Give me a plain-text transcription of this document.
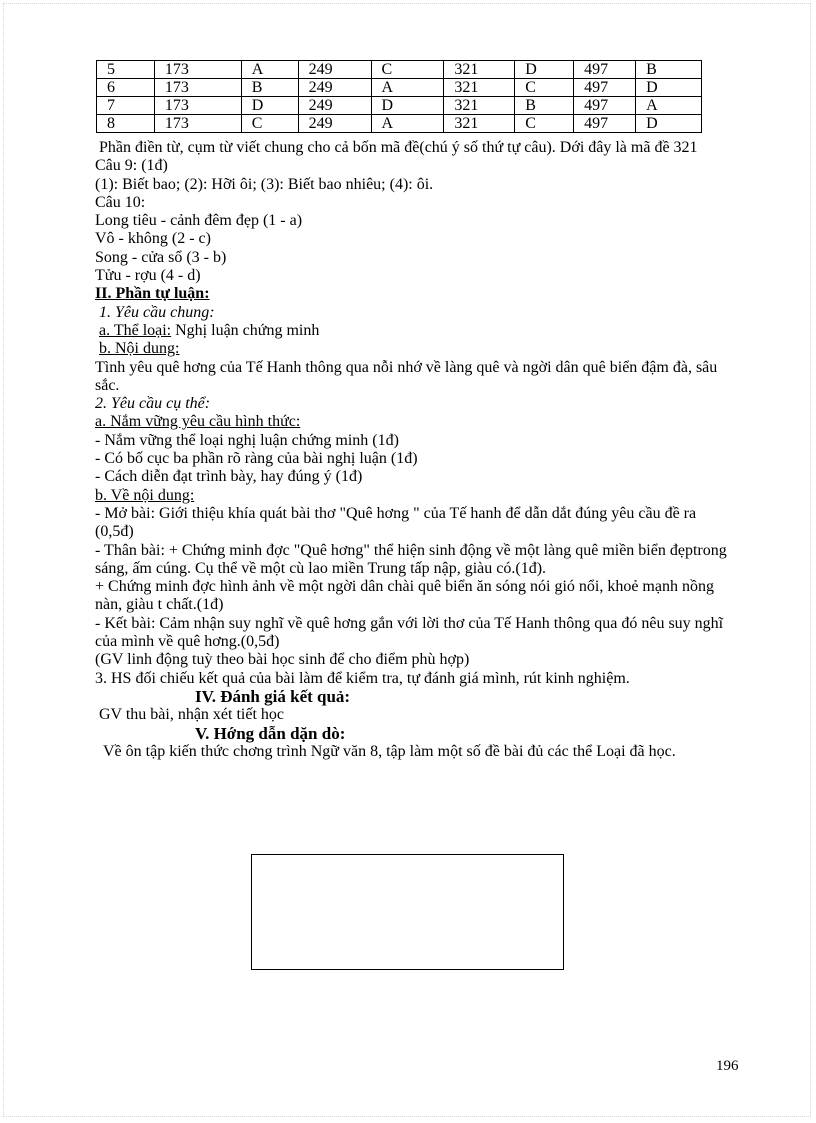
5	173	A	249	C	321	D	497	B
6	173	B	249	A	321	C	497	D
7	173	D	249	D	321	B	497	A
8	173	C	249	A	321	C	497	D

Phần điền từ, cụm từ viết chung cho cả bốn mã đề(chú ý số thứ tự câu). Dới đây là mã đề 321

Câu 9: (1đ)

(1): Biết bao; (2): Hỡi ôi; (3): Biết bao nhiêu; (4): ôi.

Câu 10:

Long tiêu - cảnh đêm đẹp (1 - a)

Vô - không (2 - c)

Song - cửa sổ (3 - b)

Tửu - rợu (4 - d)

II. Phần tự luận:

1. Yêu cầu chung:

a. Thể loại: Nghị luận chứng minh

b. Nội dung:

Tình yêu quê hơng của Tế Hanh thông qua nỗi nhớ về làng quê và ngời dân quê biển đậm đà, sâu sắc.

2. Yêu cầu cụ thể:

a. Nắm vững yêu cầu hình thức:

- Nắm vững thể loại nghị luận chứng minh (1đ)

- Có bố cục ba phần rõ ràng của bài nghị luận (1đ)

- Cách diễn đạt trình bày, hay đúng ý (1đ)

b. Về nội dung:

- Mở bài: Giới thiệu khía quát bài thơ "Quê hơng " của Tế hanh để dẫn dắt đúng yêu cầu đề ra (0,5đ)

- Thân bài: + Chứng minh đợc "Quê hơng" thể hiện sinh động về một làng quê miền biển đẹptrong sáng, ấm cúng. Cụ thể về một cù lao miền Trung tấp nập, giàu có.(1đ).

+ Chứng minh đợc hình ảnh về một ngời dân chài quê biển ăn sóng nói gió nổi, khoẻ mạnh nồng nàn, giàu t chất.(1đ)

- Kết bài: Cảm nhận suy nghĩ về quê hơng gắn với lời thơ của Tế Hanh thông qua đó nêu suy nghĩ của mình về quê hơng.(0,5đ)

(GV linh động tuỳ theo bài học sinh để cho điểm phù hợp)

3. HS đối chiếu kết quả của bài làm để kiểm tra, tự đánh giá mình, rút kinh nghiệm.

IV. Đánh giá kết quả:

GV thu bài, nhận xét tiết học

V. Hớng dẫn dặn dò:

Về ôn tập kiến thức chơng trình Ngữ văn 8, tập làm một số đề bài đủ các thể Loại đã học.

196
